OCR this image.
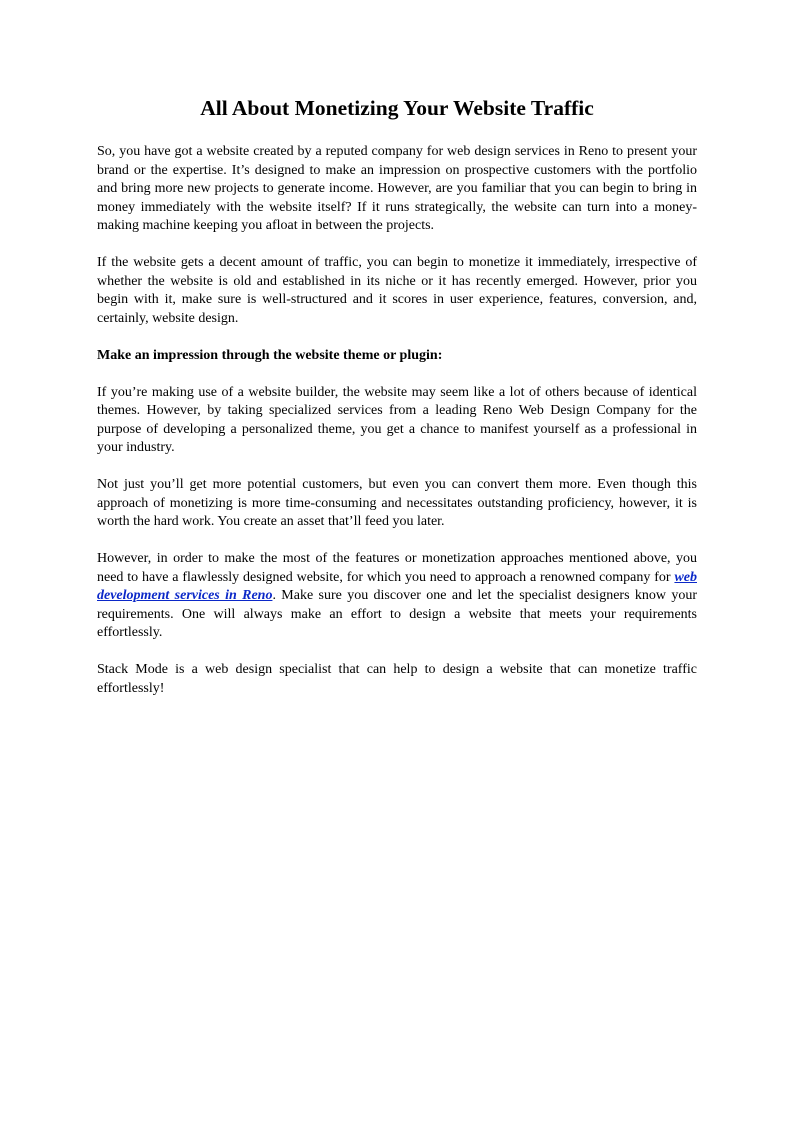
All About Monetizing Your Website Traffic

So, you have got a website created by a reputed company for web design services in Reno to present your brand or the expertise. It’s designed to make an impression on prospective customers with the portfolio and bring more new projects to generate income. However, are you familiar that you can begin to bring in money immediately with the website itself? If it runs strategically, the website can turn into a money-making machine keeping you afloat in between the projects.

If the website gets a decent amount of traffic, you can begin to monetize it immediately, irrespective of whether the website is old and established in its niche or it has recently emerged. However, prior you begin with it, make sure is well-structured and it scores in user experience, features, conversion, and, certainly, website design.

Make an impression through the website theme or plugin:

If you’re making use of a website builder, the website may seem like a lot of others because of identical themes. However, by taking specialized services from a leading Reno Web Design Company for the purpose of developing a personalized theme, you get a chance to manifest yourself as a professional in your industry.

Not just you’ll get more potential customers, but even you can convert them more. Even though this approach of monetizing is more time-consuming and necessitates outstanding proficiency, however, it is worth the hard work. You create an asset that’ll feed you later.

However, in order to make the most of the features or monetization approaches mentioned above, you need to have a flawlessly designed website, for which you need to approach a renowned company for web development services in Reno. Make sure you discover one and let the specialist designers know your requirements. One will always make an effort to design a website that meets your requirements effortlessly.

Stack Mode is a web design specialist that can help to design a website that can monetize traffic effortlessly!
